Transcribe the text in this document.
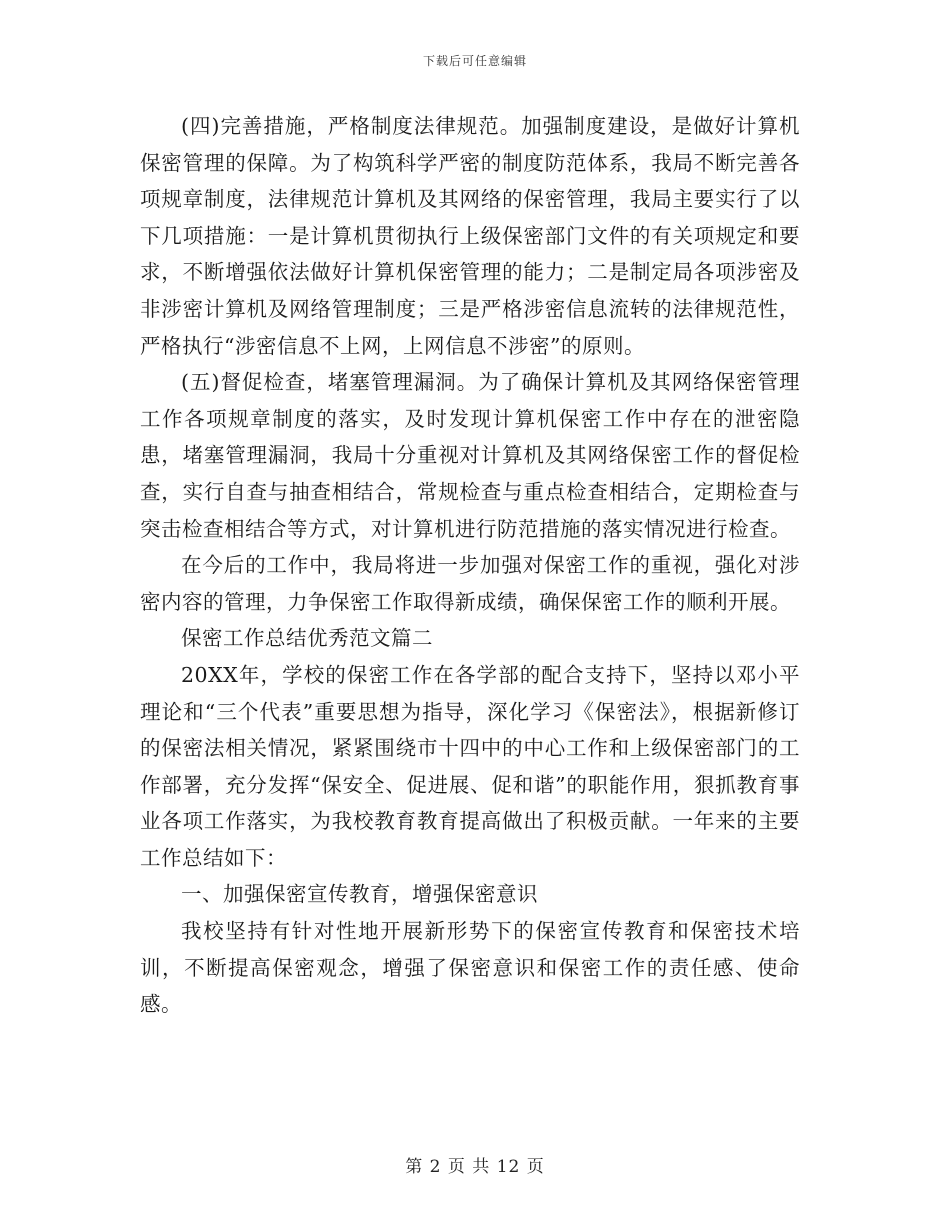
下载后可任意编辑

(四)完善措施，严格制度法律规范。加强制度建设，是做好计算机保密管理的保障。为了构筑科学严密的制度防范体系，我局不断完善各项规章制度，法律规范计算机及其网络的保密管理，我局主要实行了以下几项措施：一是计算机贯彻执行上级保密部门文件的有关项规定和要求，不断增强依法做好计算机保密管理的能力；二是制定局各项涉密及非涉密计算机及网络管理制度；三是严格涉密信息流转的法律规范性，严格执行“涉密信息不上网，上网信息不涉密”的原则。

(五)督促检查，堵塞管理漏洞。为了确保计算机及其网络保密管理工作各项规章制度的落实，及时发现计算机保密工作中存在的泄密隐患，堵塞管理漏洞，我局十分重视对计算机及其网络保密工作的督促检查，实行自查与抽查相结合，常规检查与重点检查相结合，定期检查与突击检查相结合等方式，对计算机进行防范措施的落实情况进行检查。

在今后的工作中，我局将进一步加强对保密工作的重视，强化对涉密内容的管理，力争保密工作取得新成绩，确保保密工作的顺利开展。

保密工作总结优秀范文篇二

20XX年，学校的保密工作在各学部的配合支持下，坚持以邓小平理论和“三个代表”重要思想为指导，深化学习《保密法》，根据新修订的保密法相关情况，紧紧围绕市十四中的中心工作和上级保密部门的工作部署，充分发挥“保安全、促进展、促和谐”的职能作用，狠抓教育事业各项工作落实，为我校教育教育提高做出了积极贡献。一年来的主要工作总结如下：

一、加强保密宣传教育，增强保密意识

我校坚持有针对性地开展新形势下的保密宣传教育和保密技术培训，不断提高保密观念，增强了保密意识和保密工作的责任感、使命感。

第 2 页 共 12 页
